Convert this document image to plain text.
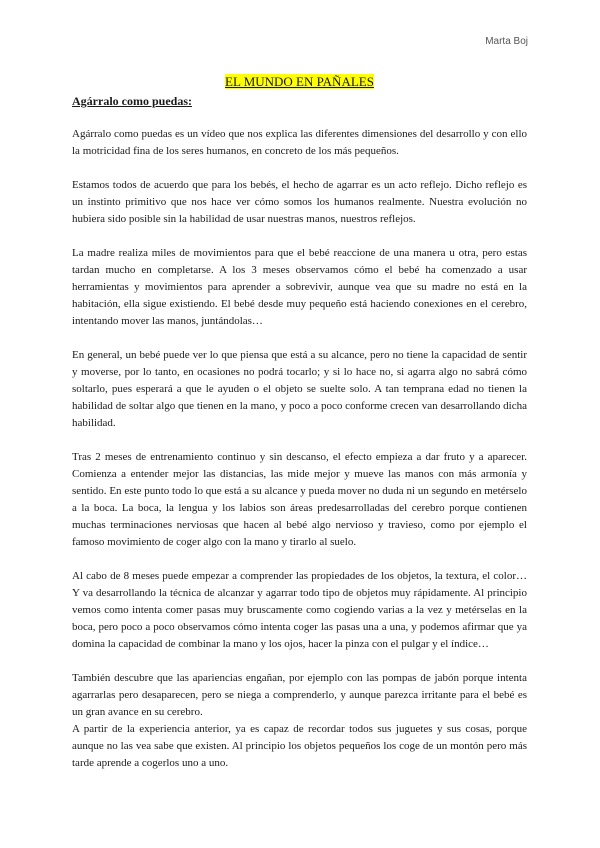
Marta Boj
EL MUNDO EN PAÑALES
Agárralo como puedas:

Agárralo como puedas es un vídeo que nos explica las diferentes dimensiones del desarrollo y con ello la motricidad fina de los seres humanos, en concreto de los más pequeños.

Estamos todos de acuerdo que para los bebés, el hecho de agarrar es un acto reflejo. Dicho reflejo es un instinto primitivo que nos hace ver cómo somos los humanos realmente. Nuestra evolución no hubiera sido posible sin la habilidad de usar nuestras manos, nuestros reflejos.

La madre realiza miles de movimientos para que el bebé reaccione de una manera u otra, pero estas tardan mucho en completarse. A los 3 meses observamos cómo el bebé ha comenzado a usar herramientas y movimientos para aprender a sobrevivir, aunque vea que su madre no está en la habitación, ella sigue existiendo. El bebé desde muy pequeño está haciendo conexiones en el cerebro, intentando mover las manos, juntándolas…

En general, un bebé puede ver lo que piensa que está a su alcance, pero no tiene la capacidad de sentir y moverse, por lo tanto, en ocasiones no podrá tocarlo; y si lo hace no, si agarra algo no sabrá cómo soltarlo, pues esperará a que le ayuden o el objeto se suelte solo. A tan temprana edad no tienen la habilidad de soltar algo que tienen en la mano, y poco a poco conforme crecen van desarrollando dicha habilidad.

Tras 2 meses de entrenamiento continuo y sin descanso, el efecto empieza a dar fruto y a aparecer. Comienza a entender mejor las distancias, las mide mejor y mueve las manos con más armonía y sentido. En este punto todo lo que está a su alcance y pueda mover no duda ni un segundo en metérselo a la boca. La boca, la lengua y los labios son áreas predesarrolladas del cerebro porque contienen muchas terminaciones nerviosas que hacen al bebé algo nervioso y travieso, como por ejemplo el famoso movimiento de coger algo con la mano y tirarlo al suelo.

Al cabo de 8 meses puede empezar a comprender las propiedades de los objetos, la textura, el color… Y va desarrollando la técnica de alcanzar y agarrar todo tipo de objetos muy rápidamente. Al principio vemos como intenta comer pasas muy bruscamente como cogiendo varias a la vez y metérselas en la boca, pero poco a poco observamos cómo intenta coger las pasas una a una, y podemos afirmar que ya domina la capacidad de combinar la mano y los ojos, hacer la pinza con el pulgar y el índice…

También descubre que las apariencias engañan, por ejemplo con las pompas de jabón porque intenta agarrarlas pero desaparecen, pero se niega a comprenderlo, y aunque parezca irritante para el bebé es un gran avance en su cerebro.

A partir de la experiencia anterior, ya es capaz de recordar todos sus juguetes y sus cosas, porque aunque no las vea sabe que existen. Al principio los objetos pequeños los coge de un montón pero más tarde aprende a cogerlos uno a uno.
